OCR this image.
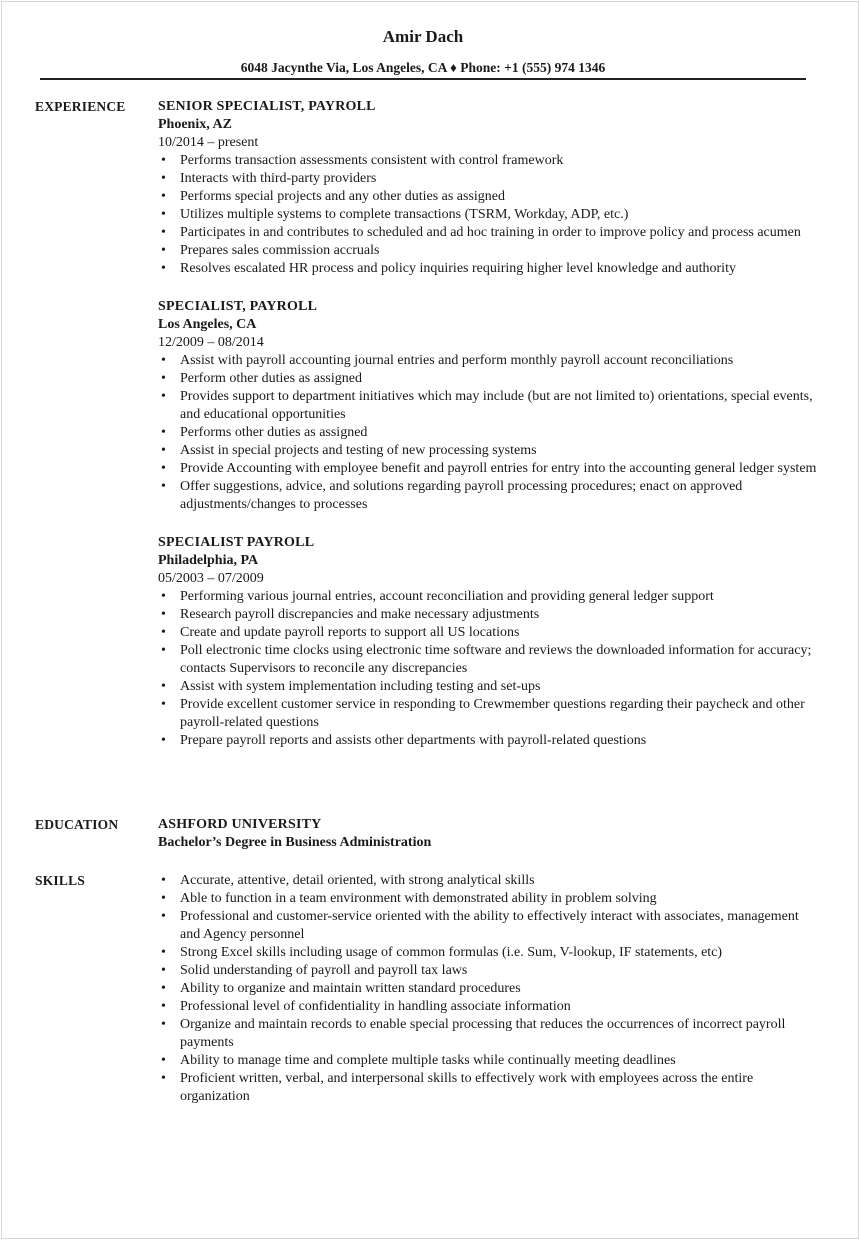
Amir Dach
6048 Jacynthe Via, Los Angeles, CA ♦ Phone: +1 (555) 974 1346
EXPERIENCE SENIOR SPECIALIST, PAYROLL
Phoenix, AZ
10/2014 – present
• Performs transaction assessments consistent with control framework
• Interacts with third-party providers
• Performs special projects and any other duties as assigned
• Utilizes multiple systems to complete transactions (TSRM, Workday, ADP, etc.)
• Participates in and contributes to scheduled and ad hoc training in order to improve policy and process acumen
• Prepares sales commission accruals
• Resolves escalated HR process and policy inquiries requiring higher level knowledge and authority
SPECIALIST, PAYROLL
Los Angeles, CA
12/2009 – 08/2014
• Assist with payroll accounting journal entries and perform monthly payroll account reconciliations
• Perform other duties as assigned
• Provides support to department initiatives which may include (but are not limited to) orientations, special events, and educational opportunities
• Performs other duties as assigned
• Assist in special projects and testing of new processing systems
• Provide Accounting with employee benefit and payroll entries for entry into the accounting general ledger system
• Offer suggestions, advice, and solutions regarding payroll processing procedures; enact on approved adjustments/changes to processes
SPECIALIST PAYROLL
Philadelphia, PA
05/2003 – 07/2009
• Performing various journal entries, account reconciliation and providing general ledger support
• Research payroll discrepancies and make necessary adjustments
• Create and update payroll reports to support all US locations
• Poll electronic time clocks using electronic time software and reviews the downloaded information for accuracy; contacts Supervisors to reconcile any discrepancies
• Assist with system implementation including testing and set-ups
• Provide excellent customer service in responding to Crewmember questions regarding their paycheck and other payroll-related questions
• Prepare payroll reports and assists other departments with payroll-related questions
EDUCATION	ASHFORD UNIVERSITY
Bachelor’s Degree in Business Administration
SKILLS
•	Accurate, attentive, detail oriented, with strong analytical skills
• Able to function in a team environment with demonstrated ability in problem solving
• Professional and customer-service oriented with the ability to effectively interact with associates, management and Agency personnel
• Strong Excel skills including usage of common formulas (i.e. Sum, V-lookup, IF statements, etc)
• Solid understanding of payroll and payroll tax laws
• Ability to organize and maintain written standard procedures
• Professional level of confidentiality in handling associate information
• Organize and maintain records to enable special processing that reduces the occurrences of incorrect payroll payments
• Ability to manage time and complete multiple tasks while continually meeting deadlines
• Proficient written, verbal, and interpersonal skills to effectively work with employees across the entire organization
